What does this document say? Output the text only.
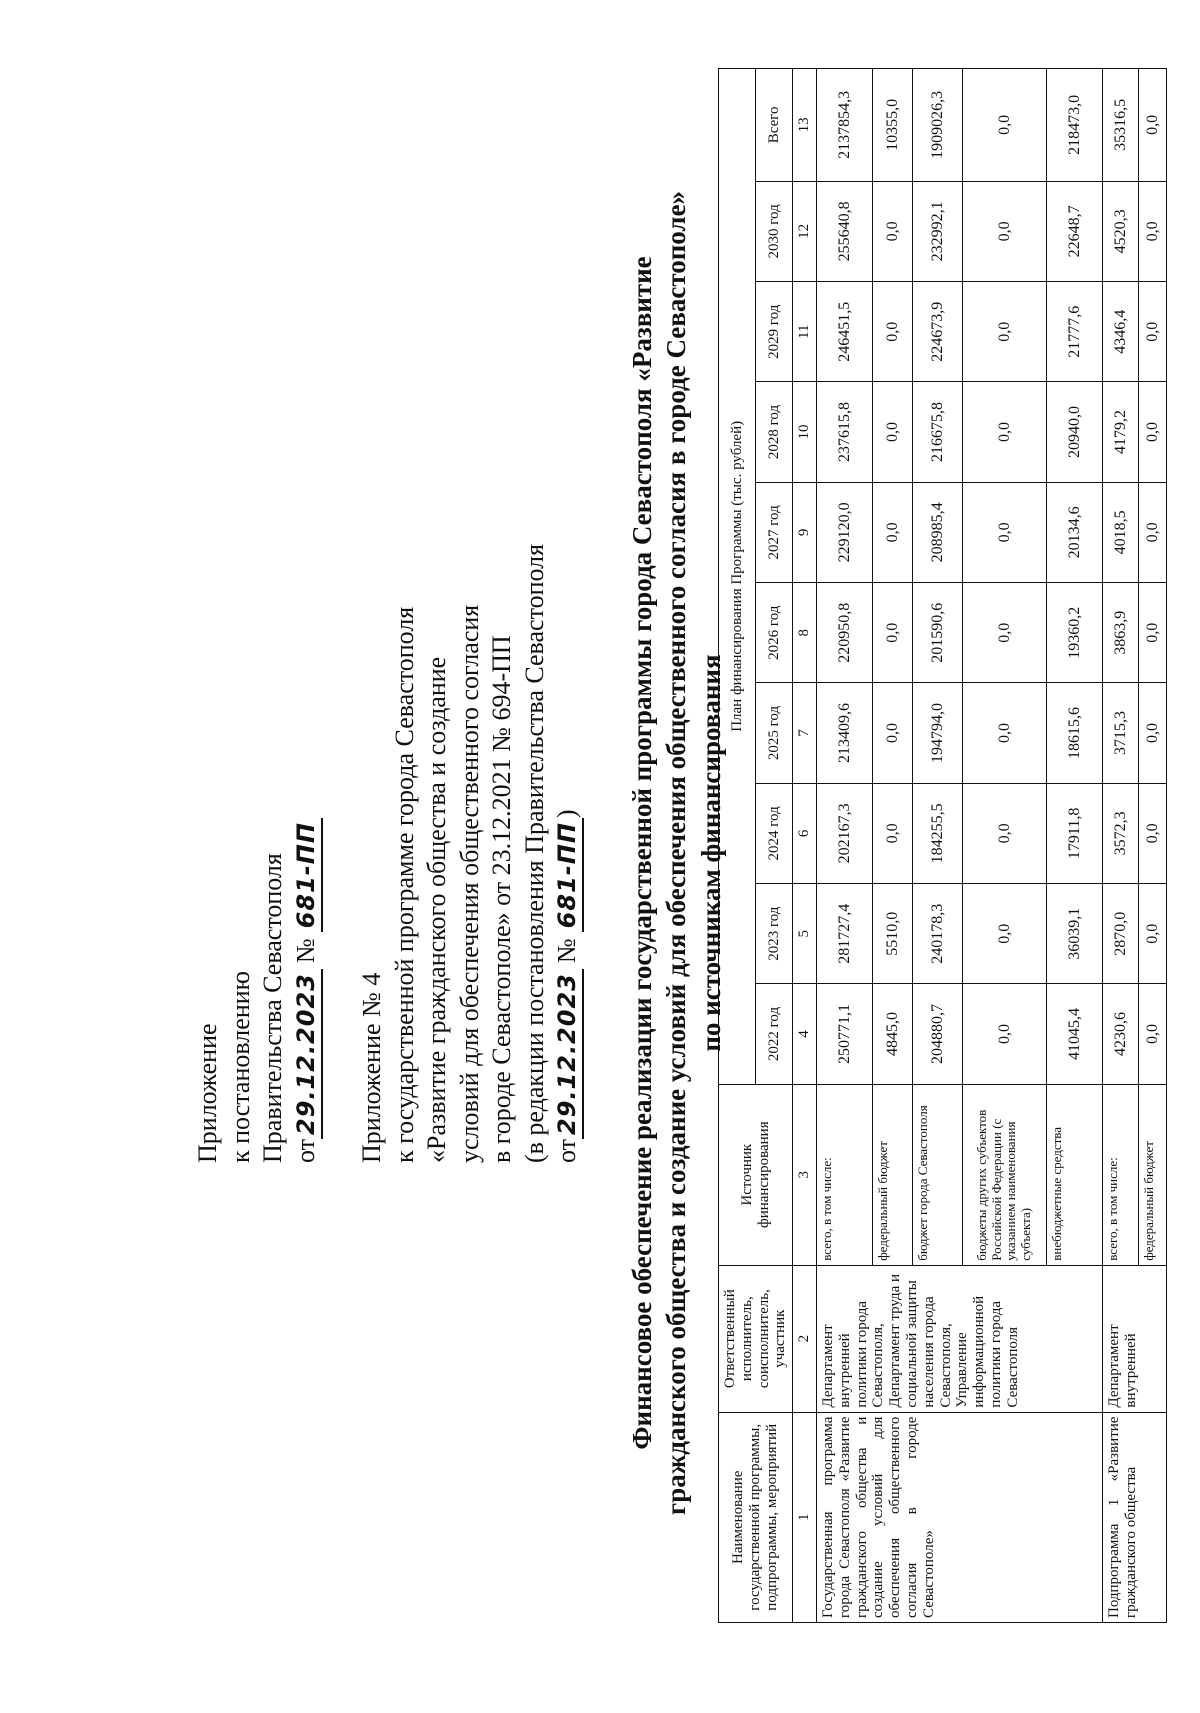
Приложение к постановлению Правительства Севастополя от29.12.2023№681-ПП
Приложение № 4 к государственной программе города Севастополя «Развитие гражданского общества и создание условий для обеспечения общественного согласия в городе Севастополе» от 23.12.2021 № 694-ПП (в редакции постановления Правительства Севастополя от29.12.2023№681-ПП) Финансовое обеспечение реализации государственной программы города Севастополя «Развитие гражданского общества и создание условий для обеспечения общественного согласия в городе Севастополе» по источникам финансирования
Наименование государственной программы, подпрограммы, мероприятий	Ответственный исполнитель, соисполнитель, участник	Источник финансирования	План финансирования Программы (тыс. рублей)									
			2022 год	2023 год	2024 год	2025 год	2026 год	2027 год	2028 год	2029 год	2030 год	Всего
1	2	3	4	5	6	7	8	9	10	11	12	13
Государственная программа города Севастополя «Развитие гражданского общества и создание условий для обеспечения общественного согласия в городе Севастополе»	Департамент внутренней политики города Севастополя, Департамент труда и социальной защиты населения города Севастополя, Управление информационной политики города Севастополя	всего, в том числе:	250771,1	281727,4	202167,3	213409,6	220950,8	229120,0	237615,8	246451,5	255640,8	2137854,3
		федеральный бюджет	4845,0	5510,0	0,0	0,0	0,0	0,0	0,0	0,0	0,0	10355,0
		бюджет города Севастополя	204880,7	240178,3	184255,5	194794,0	201590,6	208985,4	216675,8	224673,9	232992,1	1909026,3
		бюджеты других субъектов Российской Федерации (с указанием наименования субъекта)	0,0	0,0	0,0	0,0	0,0	0,0	0,0	0,0	0,0	0,0
		внебюджетные средства	41045,4	36039,1	17911,8	18615,6	19360,2	20134,6	20940,0	21777,6	22648,7	218473,0
Подпрограмма 1 «Развитие гражданского общества	Департамент внутренней	всего, в том числе:	4230,6	2870,0	3572,3	3715,3	3863,9	4018,5	4179,2	4346,4	4520,3	35316,5
		федеральный бюджет	0,0	0,0	0,0	0,0	0,0	0,0	0,0	0,0	0,0	0,0
